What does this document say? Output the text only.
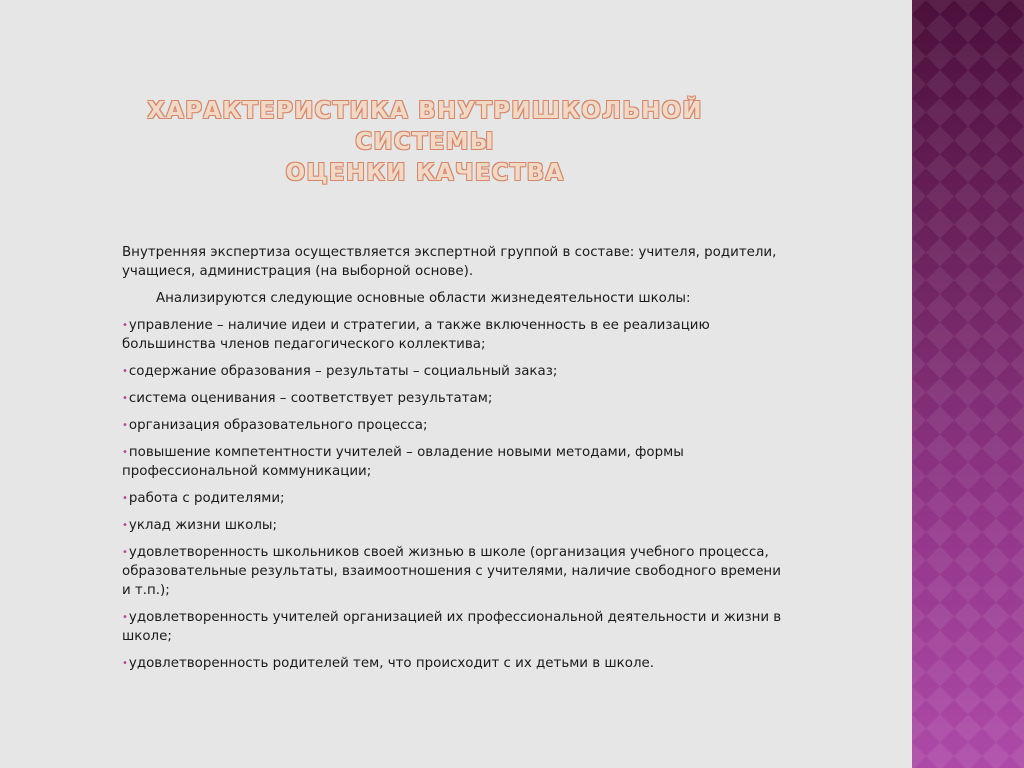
ХАРАКТЕРИСТИКА ВНУТРИШКОЛЬНОЙ СИСТЕМЫ
ОЦЕНКИ КАЧЕСТВА
Внутренняя экспертиза осуществляется экспертной группой в составе: учителя, родители, учащиеся, администрация (на выборной основе).
Анализируются следующие основные области жизнедеятельности школы:
•управление – наличие идеи и стратегии, а также включенность в ее реализацию большинства членов педагогического коллектива;
•содержание образования – результаты – социальный заказ;
•система оценивания – соответствует результатам;
•организация образовательного процесса;
•повышение компетентности учителей – овладение новыми методами, формы профессиональной коммуникации;
•работа с родителями;
•уклад жизни школы;
•удовлетворенность школьников своей жизнью в школе (организация учебного процесса, образовательные результаты, взаимоотношения с учителями, наличие свободного времени и т.п.);
•удовлетворенность учителей организацией их профессиональной деятельности и жизни в школе;
•удовлетворенность родителей тем, что происходит с их детьми в школе.
